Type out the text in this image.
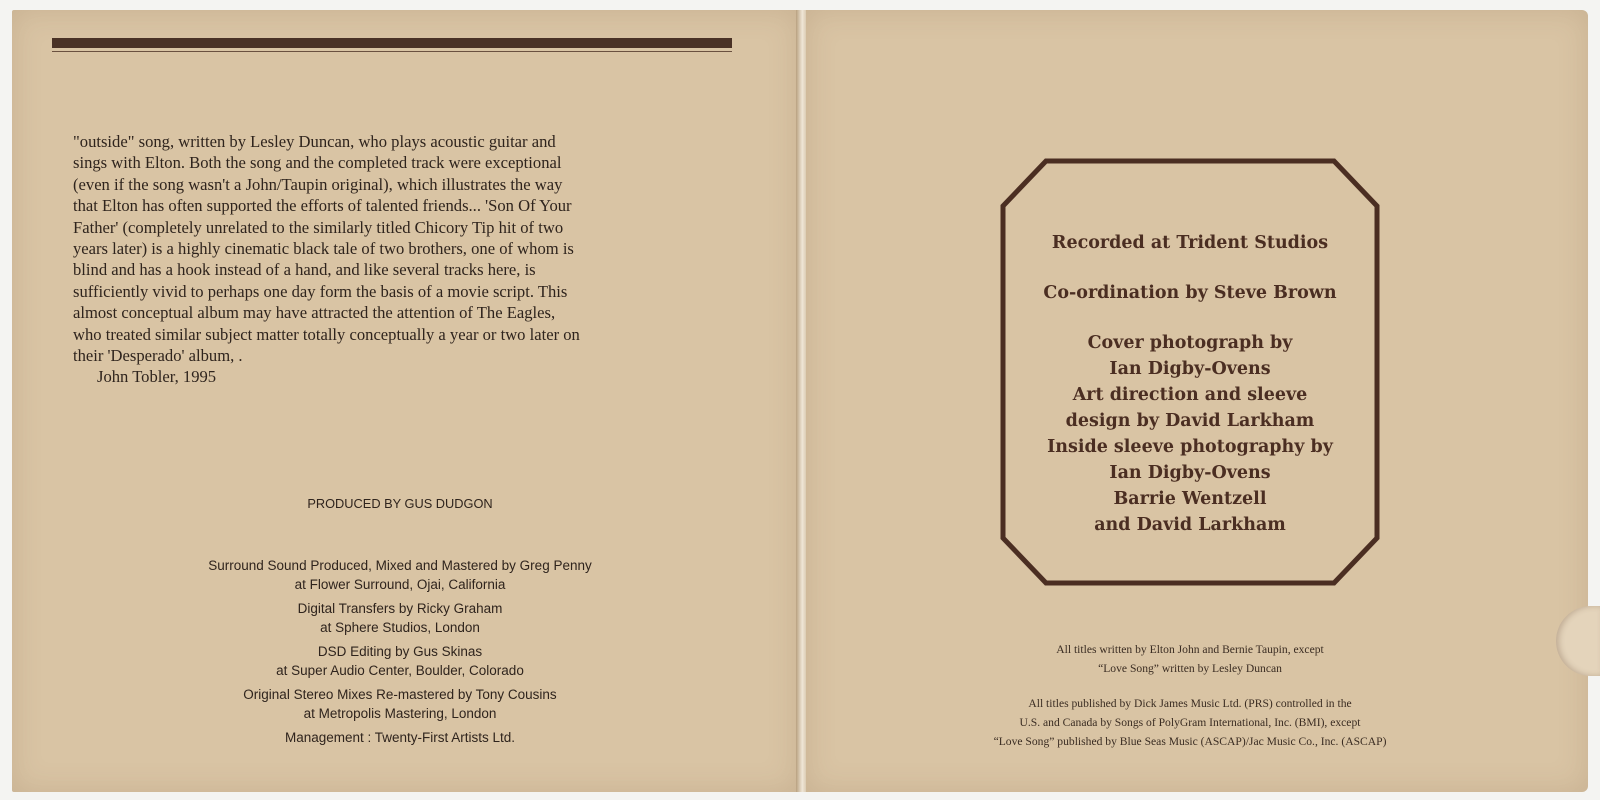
"outside" song, written by Lesley Duncan, who plays acoustic guitar and
sings with Elton. Both the song and the completed track were exceptional
(even if the song wasn't a John/Taupin original), which illustrates the way
that Elton has often supported the efforts of talented friends... 'Son Of Your
Father' (completely unrelated to the similarly titled Chicory Tip hit of two
years later) is a highly cinematic black tale of two brothers, one of whom is
blind and has a hook instead of a hand, and like several tracks here, is
sufficiently vivid to perhaps one day form the basis of a movie script. This
almost conceptual album may have attracted the attention of The Eagles,
who treated similar subject matter totally conceptually a year or two later on
their 'Desperado' album, .
John Tobler, 1995
PRODUCED BY GUS DUDGON
Surround Sound Produced, Mixed and Mastered by Greg Penny
at Flower Surround, Ojai, California
Digital Transfers by Ricky Graham
at Sphere Studios, London
DSD Editing by Gus Skinas
at Super Audio Center, Boulder, Colorado
Original Stereo Mixes Re-mastered by Tony Cousins
at Metropolis Mastering, London
Management : Twenty-First Artists Ltd.
Recorded at Trident Studios
Co-ordination by Steve Brown
Cover photograph by
Ian Digby-Ovens
Art direction and sleeve
design by David Larkham
Inside sleeve photography by
Ian Digby-Ovens
Barrie Wentzell
and David Larkham
All titles written by Elton John and Bernie Taupin, except
“Love Song” written by Lesley Duncan
All titles published by Dick James Music Ltd. (PRS) controlled in the
U.S. and Canada by Songs of PolyGram International, Inc. (BMI), except
“Love Song” published by Blue Seas Music (ASCAP)/Jac Music Co., Inc. (ASCAP)
